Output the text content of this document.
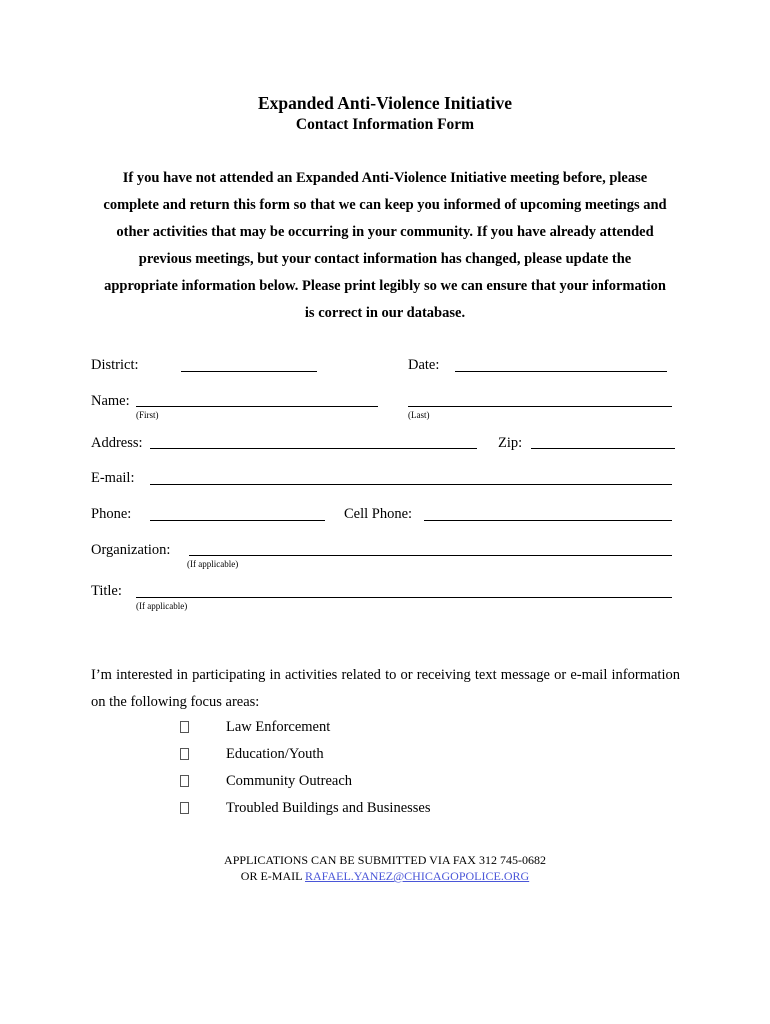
Expanded Anti-Violence Initiative
Contact Information Form
If you have not attended an Expanded Anti-Violence Initiative meeting before, please
complete and return this form so that we can keep you informed of upcoming meetings and
other activities that may be occurring in your community. If you have already attended
previous meetings, but your contact information has changed, please update the
appropriate information below. Please print legibly so we can ensure that your information
is correct in our database.
District:	Date:
Name:
(First)	(Last)
Address:	Zip:
E-mail:
Phone:	Cell Phone:
Organization:
(If applicable)
Title:
(If applicable)
I’m interested in participating in activities related to or receiving text message or e-mail information on the following focus areas:
Law Enforcement
Education/Youth
Community Outreach
Troubled Buildings and Businesses
APPLICATIONS CAN BE SUBMITTED VIA FAX 312 745-0682
OR E-MAIL RAFAEL.YANEZ@CHICAGOPOLICE.ORG
